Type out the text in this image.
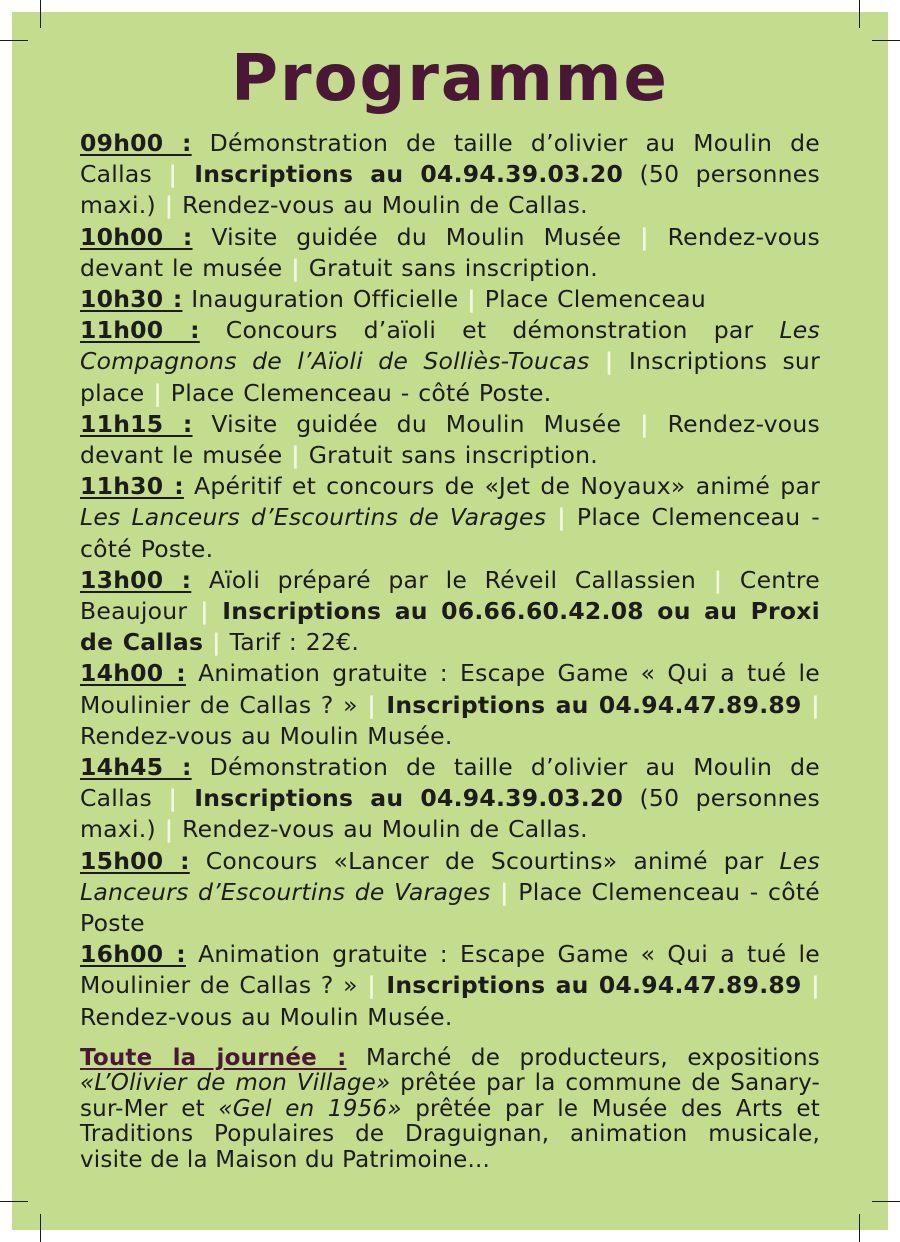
Programme
09h00 : Démonstration de taille d’olivier au Moulin de Callas | Inscriptions au 04.94.39.03.20 (50 personnes maxi.) | Rendez-vous au Moulin de Callas.
10h00 : Visite guidée du Moulin Musée | Rendez-vous devant le musée | Gratuit sans inscription.
10h30 : Inauguration Officielle | Place Clemenceau
11h00 : Concours d’aïoli et démonstration par Les Compagnons de l’Aïoli de Solliès-Toucas | Inscriptions sur place | Place Clemenceau - côté Poste.
11h15 : Visite guidée du Moulin Musée | Rendez-vous devant le musée | Gratuit sans inscription.
11h30 : Apéritif et concours de «Jet de Noyaux» animé par Les Lanceurs d’Escourtins de Varages | Place Clemenceau - côté Poste.
13h00 : Aïoli préparé par le Réveil Callassien | Centre Beaujour | Inscriptions au 06.66.60.42.08 ou au Proxi de Callas | Tarif : 22€.
14h00 : Animation gratuite : Escape Game « Qui a tué le Moulinier de Callas ? » | Inscriptions au 04.94.47.89.89 | Rendez-vous au Moulin Musée.
14h45 : Démonstration de taille d’olivier au Moulin de Callas | Inscriptions au 04.94.39.03.20 (50 personnes maxi.) | Rendez-vous au Moulin de Callas.
15h00 : Concours «Lancer de Scourtins» animé par Les Lanceurs d’Escourtins de Varages | Place Clemenceau - côté Poste
16h00 : Animation gratuite : Escape Game « Qui a tué le Moulinier de Callas ? » | Inscriptions au 04.94.47.89.89 | Rendez-vous au Moulin Musée.
Toute la journée : Marché de producteurs, expositions «L’Olivier de mon Village» prêtée par la commune de Sanary-sur-Mer et «Gel en 1956» prêtée par le Musée des Arts et Traditions Populaires de Draguignan, animation musicale, visite de la Maison du Patrimoine...
